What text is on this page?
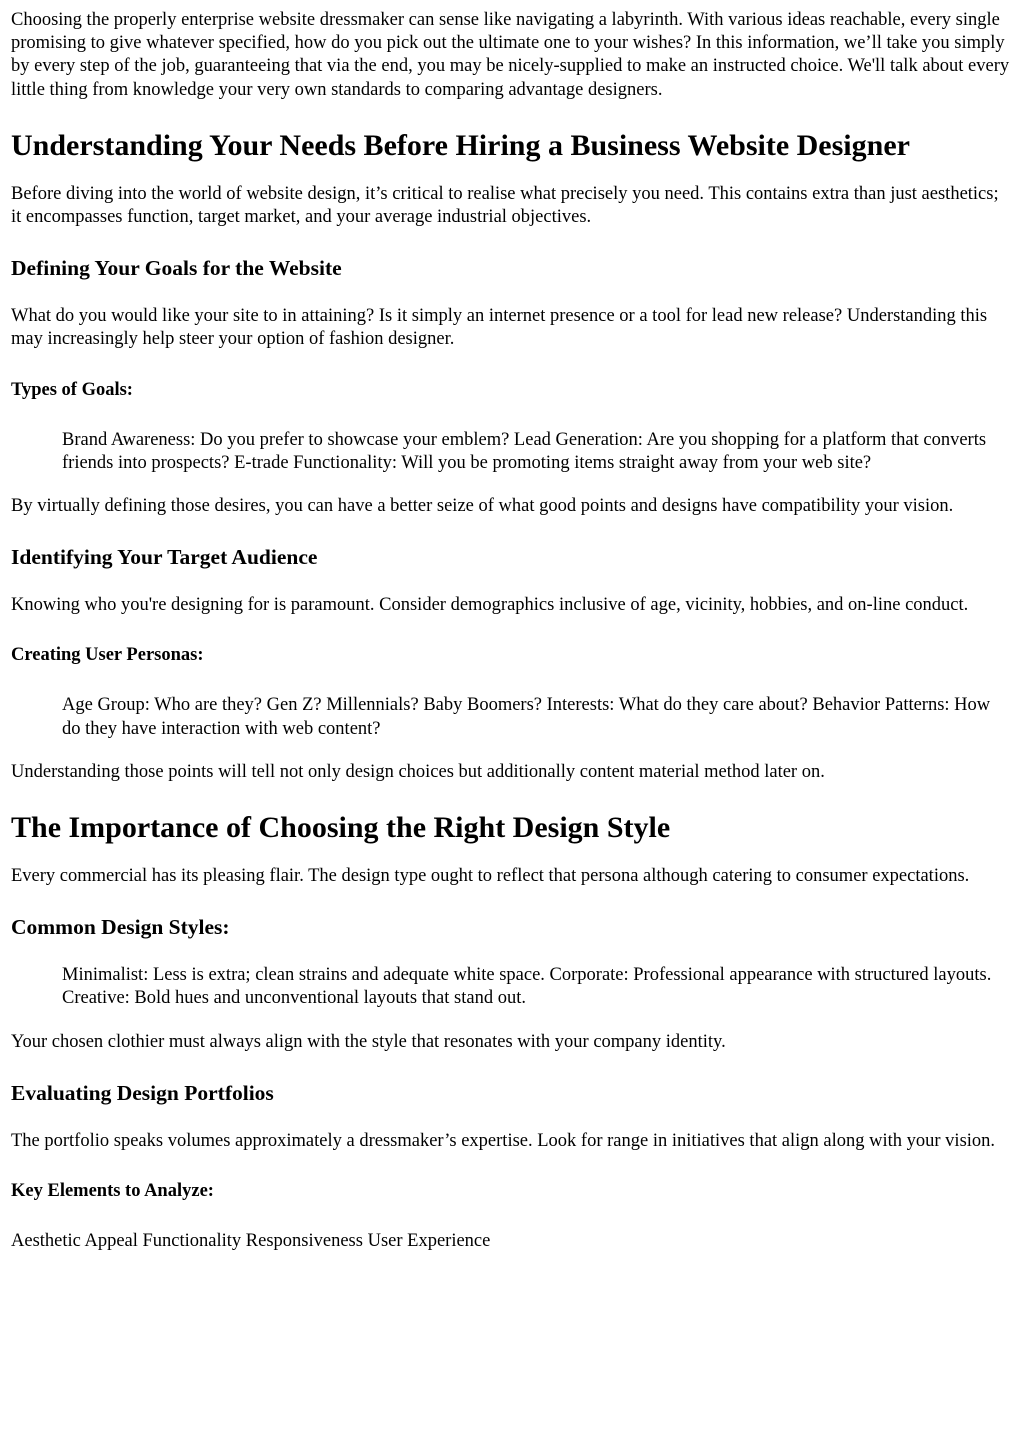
Choosing the properly enterprise website dressmaker can sense like navigating a labyrinth. With various ideas reachable, every single promising to give whatever specified, how do you pick out the ultimate one to your wishes? In this information, we’ll take you simply by every step of the job, guaranteeing that via the end, you may be nicely-supplied to make an instructed choice. We'll talk about every little thing from knowledge your very own standards to comparing advantage designers.

Understanding Your Needs Before Hiring a Business Website Designer

Before diving into the world of website design, it’s critical to realise what precisely you need. This contains extra than just aesthetics; it encompasses function, target market, and your average industrial objectives.

Defining Your Goals for the Website

What do you would like your site to in attaining? Is it simply an internet presence or a tool for lead new release? Understanding this may increasingly help steer your option of fashion designer.

Types of Goals:
Brand Awareness: Do you prefer to showcase your emblem? Lead Generation: Are you shopping for a platform that converts friends into prospects? E-trade Functionality: Will you be promoting items straight away from your web site?

By virtually defining those desires, you can have a better seize of what good points and designs have compatibility your vision.

Identifying Your Target Audience

Knowing who you're designing for is paramount. Consider demographics inclusive of age, vicinity, hobbies, and on-line conduct.

Creating User Personas:
Age Group: Who are they? Gen Z? Millennials? Baby Boomers? Interests: What do they care about? Behavior Patterns: How do they have interaction with web content?

Understanding those points will tell not only design choices but additionally content material method later on.

The Importance of Choosing the Right Design Style

Every commercial has its pleasing flair. The design type ought to reflect that persona although catering to consumer expectations.

Common Design Styles:
Minimalist: Less is extra; clean strains and adequate white space. Corporate: Professional appearance with structured layouts. Creative: Bold hues and unconventional layouts that stand out.

Your chosen clothier must always align with the style that resonates with your company identity.

Evaluating Design Portfolios

The portfolio speaks volumes approximately a dressmaker’s expertise. Look for range in initiatives that align along with your vision.

Key Elements to Analyze:

Aesthetic Appeal Functionality Responsiveness User Experience
